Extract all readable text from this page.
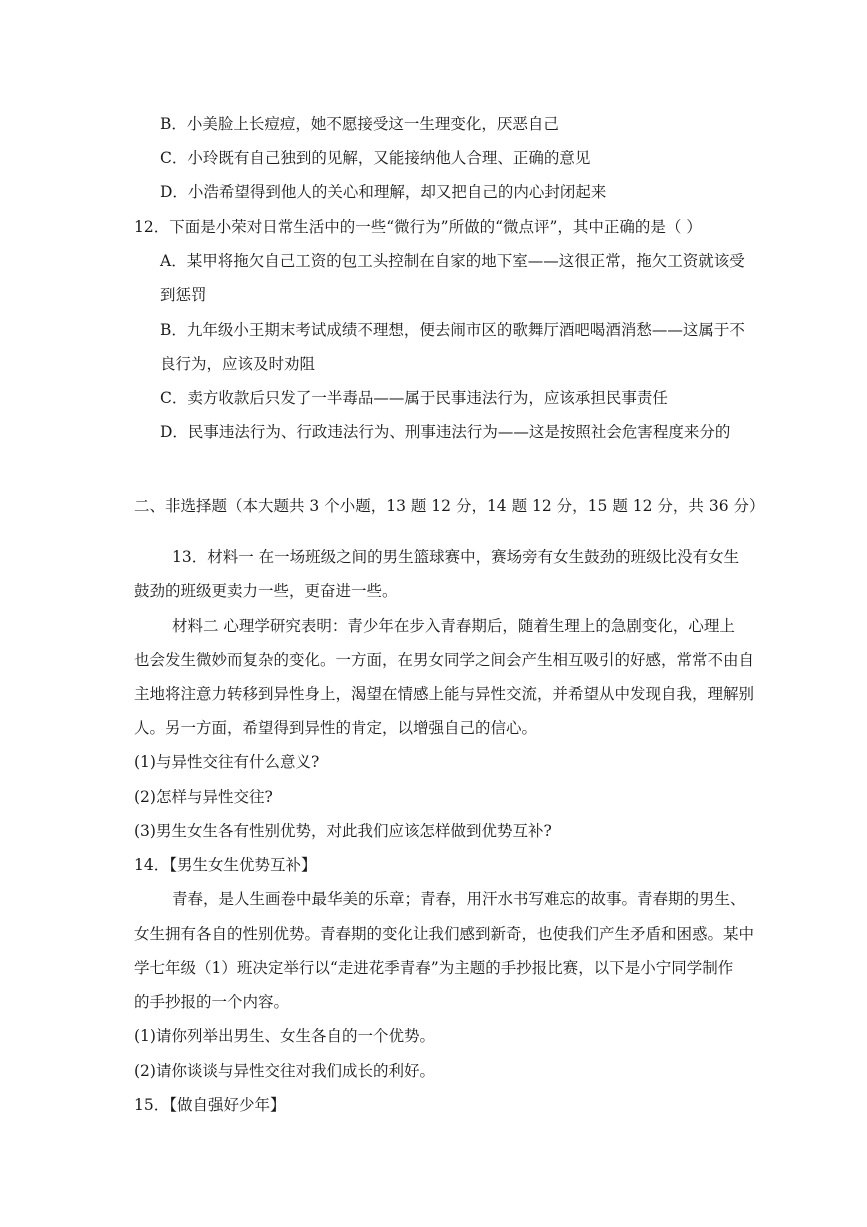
B．小美脸上长痘痘，她不愿接受这一生理变化，厌恶自己
C．小玲既有自己独到的见解，又能接纳他人合理、正确的意见
D．小浩希望得到他人的关心和理解，却又把自己的内心封闭起来
12．下面是小荣对日常生活中的一些“微行为”所做的“微点评”，其中正确的是（ ）
A．某甲将拖欠自己工资的包工头控制在自家的地下室——这很正常，拖欠工资就该受
到惩罚
B．九年级小王期末考试成绩不理想，便去闹市区的歌舞厅酒吧喝酒消愁——这属于不
良行为，应该及时劝阻
C．卖方收款后只发了一半毒品——属于民事违法行为，应该承担民事责任
D．民事违法行为、行政违法行为、刑事违法行为——这是按照社会危害程度来分的
二、非选择题（本大题共 3 个小题，13 题 12 分，14 题 12 分，15 题 12 分，共 36 分）
13．材料一 在一场班级之间的男生篮球赛中，赛场旁有女生鼓劲的班级比没有女生
鼓劲的班级更卖力一些，更奋进一些。
材料二 心理学研究表明：青少年在步入青春期后，随着生理上的急剧变化，心理上
也会发生微妙而复杂的变化。一方面，在男女同学之间会产生相互吸引的好感，常常不由自
主地将注意力转移到异性身上，渴望在情感上能与异性交流，并希望从中发现自我，理解别
人。另一方面，希望得到异性的肯定，以增强自己的信心。
(1)与异性交往有什么意义?
(2)怎样与异性交往?
(3)男生女生各有性别优势，对此我们应该怎样做到优势互补?
14．【男生女生优势互补】
青春，是人生画卷中最华美的乐章；青春，用汗水书写难忘的故事。青春期的男生、
女生拥有各自的性别优势。青春期的变化让我们感到新奇，也使我们产生矛盾和困惑。某中
学七年级（1）班决定举行以“走进花季青春”为主题的手抄报比赛，以下是小宁同学制作
的手抄报的一个内容。
(1)请你列举出男生、女生各自的一个优势。
(2)请你谈谈与异性交往对我们成长的利好。
15．【做自强好少年】
